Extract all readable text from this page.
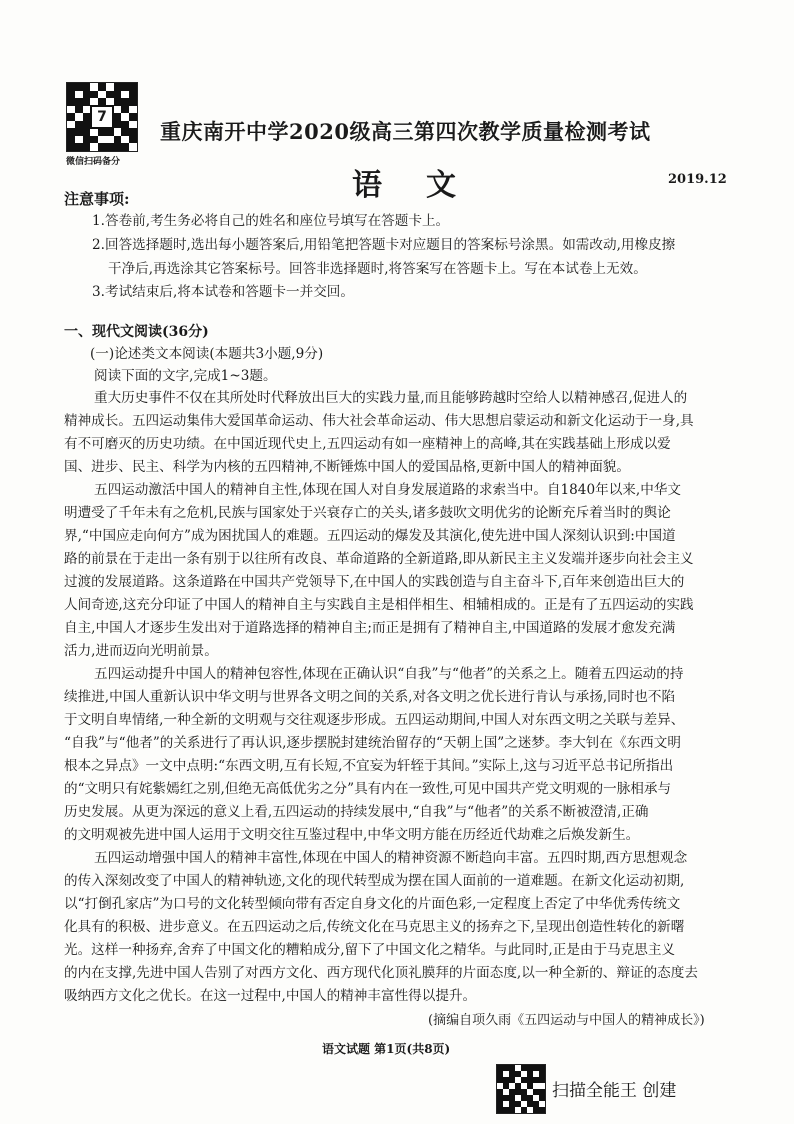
7
微信扫码备分
重庆南开中学2020级高三第四次教学质量检测考试
语文	2019.12
注意事项:
1.答卷前,考生务必将自己的姓名和座位号填写在答题卡上。
2.回答选择题时,选出每小题答案后,用铅笔把答题卡对应题目的答案标号涂黑。如需改动,用橡皮擦
干净后,再选涂其它答案标号。回答非选择题时,将答案写在答题卡上。写在本试卷上无效。
3.考试结束后,将本试卷和答题卡一并交回。
一、现代文阅读(36分)
(一)论述类文本阅读(本题共3小题,9分)
阅读下面的文字,完成1~3题。
重大历史事件不仅在其所处时代释放出巨大的实践力量,而且能够跨越时空给人以精神感召,促进人的
精神成长。五四运动集伟大爱国革命运动、伟大社会革命运动、伟大思想启蒙运动和新文化运动于一身,具
有不可磨灭的历史功绩。在中国近现代史上,五四运动有如一座精神上的高峰,其在实践基础上形成以爱
国、进步、民主、科学为内核的五四精神,不断锤炼中国人的爱国品格,更新中国人的精神面貌。
五四运动激活中国人的精神自主性,体现在国人对自身发展道路的求索当中。自1840年以来,中华文
明遭受了千年未有之危机,民族与国家处于兴衰存亡的关头,诸多鼓吹文明优劣的论断充斥着当时的舆论
界,“中国应走向何方”成为困扰国人的难题。五四运动的爆发及其演化,使先进中国人深刻认识到:中国道
路的前景在于走出一条有别于以往所有改良、革命道路的全新道路,即从新民主主义发端并逐步向社会主义
过渡的发展道路。这条道路在中国共产党领导下,在中国人的实践创造与自主奋斗下,百年来创造出巨大的
人间奇迹,这充分印证了中国人的精神自主与实践自主是相伴相生、相辅相成的。正是有了五四运动的实践
自主,中国人才逐步生发出对于道路选择的精神自主;而正是拥有了精神自主,中国道路的发展才愈发充满
活力,进而迈向光明前景。
五四运动提升中国人的精神包容性,体现在正确认识“自我”与“他者”的关系之上。随着五四运动的持
续推进,中国人重新认识中华文明与世界各文明之间的关系,对各文明之优长进行肯认与承扬,同时也不陷
于文明自卑情绪,一种全新的文明观与交往观逐步形成。五四运动期间,中国人对东西文明之关联与差异、
“自我”与“他者”的关系进行了再认识,逐步摆脱封建统治留存的“天朝上国”之迷梦。李大钊在《东西文明
根本之异点》一文中点明:“东西文明,互有长短,不宜妄为轩轾于其间。”实际上,这与习近平总书记所指出
的“文明只有姹紫嫣红之别,但绝无高低优劣之分”具有内在一致性,可见中国共产党文明观的一脉相承与
历史发展。从更为深远的意义上看,五四运动的持续发展中,“自我”与“他者”的关系不断被澄清,正确
的文明观被先进中国人运用于文明交往互鉴过程中,中华文明方能在历经近代劫难之后焕发新生。
五四运动增强中国人的精神丰富性,体现在中国人的精神资源不断趋向丰富。五四时期,西方思想观念
的传入深刻改变了中国人的精神轨迹,文化的现代转型成为摆在国人面前的一道难题。在新文化运动初期,
以“打倒孔家店”为口号的文化转型倾向带有否定自身文化的片面色彩,一定程度上否定了中华优秀传统文
化具有的积极、进步意义。在五四运动之后,传统文化在马克思主义的扬弃之下,呈现出创造性转化的新曙
光。这样一种扬弃,舍弃了中国文化的糟粕成分,留下了中国文化之精华。与此同时,正是由于马克思主义
的内在支撑,先进中国人告别了对西方文化、西方现代化顶礼膜拜的片面态度,以一种全新的、辩证的态度去
吸纳西方文化之优长。在这一过程中,中国人的精神丰富性得以提升。
(摘编自项久雨《五四运动与中国人的精神成长》)
语文试题 第1页(共8页)
扫描全能王 创建
